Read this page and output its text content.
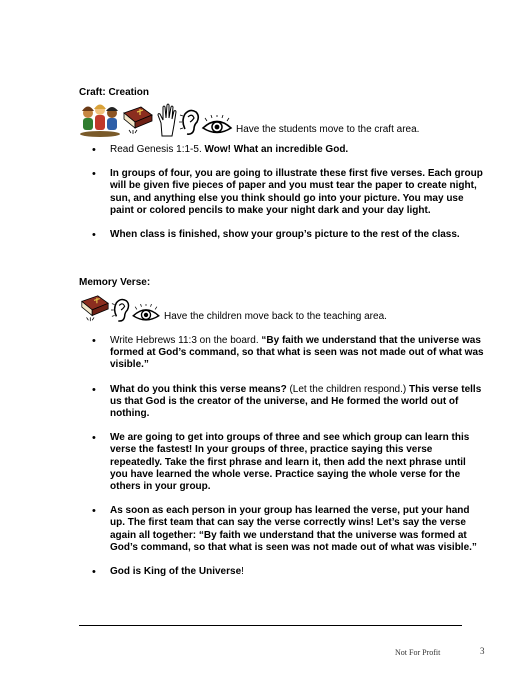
Craft: Creation
Have the students move to the craft area.
• Read Genesis 1:1-5. Wow! What an incredible God.
• In groups of four, you are going to illustrate these first five verses. Each group will be given five pieces of paper and you must tear the paper to create night, sun, and anything else you think should go into your picture. You may use paint or colored pencils to make your night dark and your day light.
• When class is finished, show your group’s picture to the rest of the class.
Memory Verse:
Have the children move back to the teaching area.
• Write Hebrews 11:3 on the board. “By faith we understand that the universe was formed at God’s command, so that what is seen was not made out of what was visible.”
• What do you think this verse means? (Let the children respond.) This verse tells us that God is the creator of the universe, and He formed the world out of nothing.
• We are going to get into groups of three and see which group can learn this verse the fastest! In your groups of three, practice saying this verse repeatedly. Take the first phrase and learn it, then add the next phrase until you have learned the whole verse. Practice saying the whole verse for the others in your group.
• As soon as each person in your group has learned the verse, put your hand up. The first team that can say the verse correctly wins! Let’s say the verse again all together: “By faith we understand that the universe was formed at God’s command, so that what is seen was not made out of what was visible.”
• God is King of the Universe!
Not For Profit	3
